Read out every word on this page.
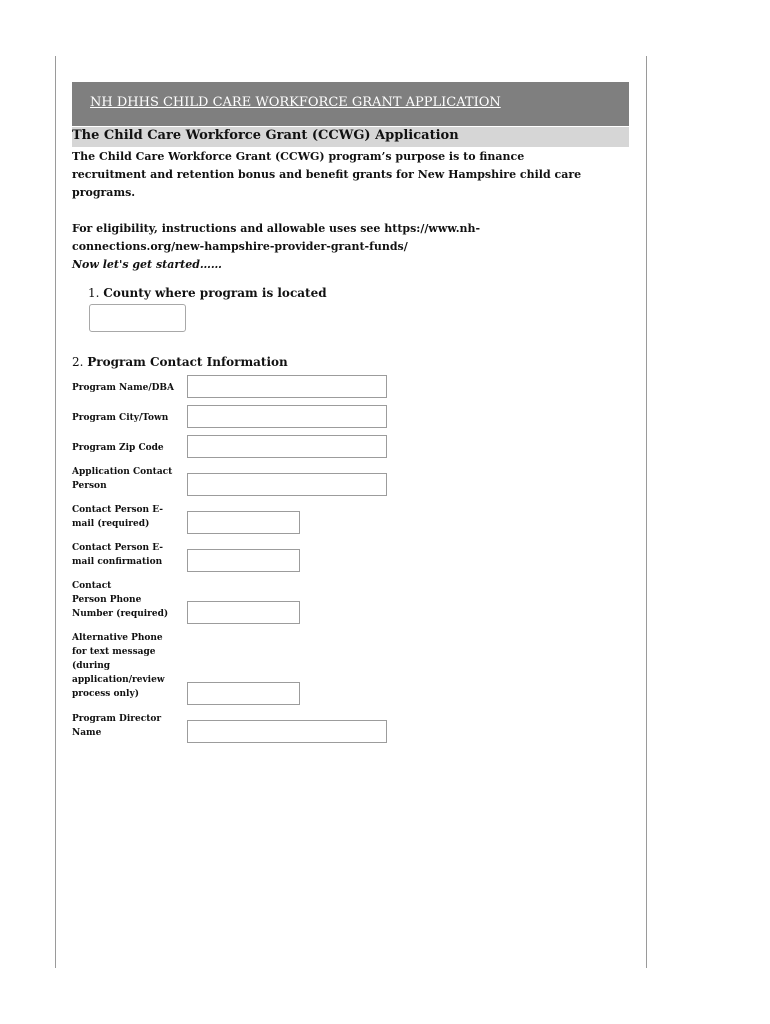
NH DHHS CHILD CARE WORKFORCE GRANT APPLICATION
The Child Care Workforce Grant (CCWG) Application

The Child Care Workforce Grant (CCWG) program’s purpose is to finance

recruitment and retention bonus and benefit grants for New Hampshire child care

programs.

For eligibility, instructions and allowable uses see https://www.nh-

connections.org/new-hampshire-provider-grant-funds/

Now let's get started……

1. County where program is located
2. Program Contact Information
Program Name/DBA
Program City/Town
Program Zip Code
Application Contact
Person
Contact Person E-
mail (required)
Contact Person E-
mail confirmation
Contact
Person Phone
Number (required)
Alternative Phone
for text message
(during
application/review
process only)
Program Director
Name
